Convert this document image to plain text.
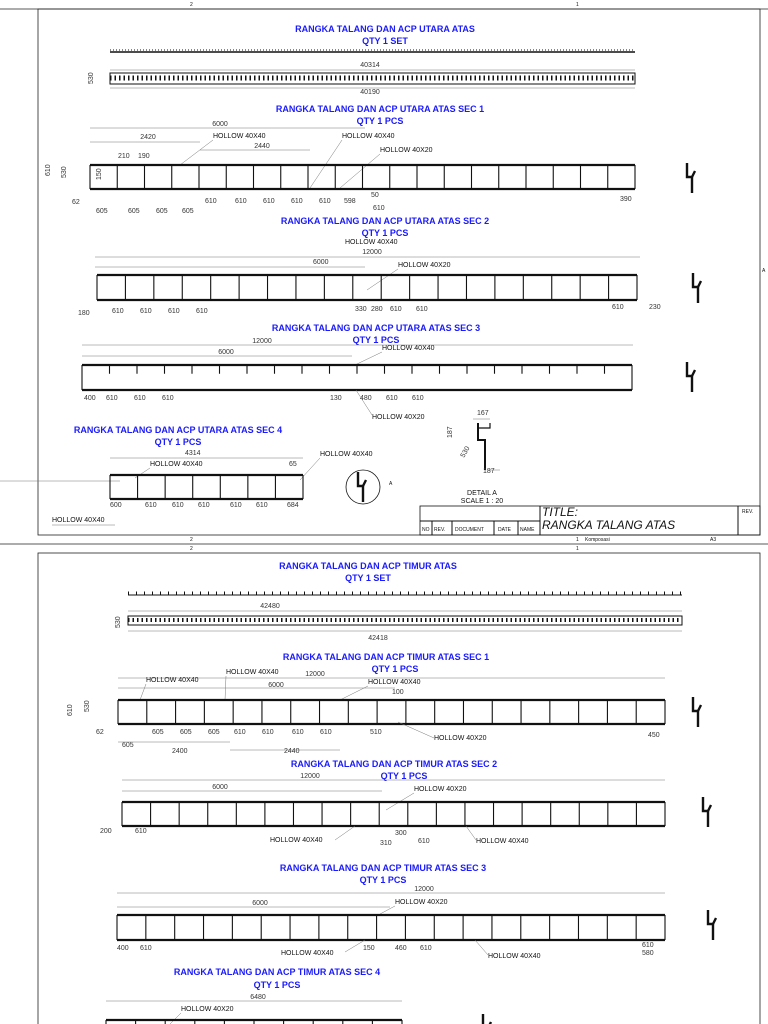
2	1
A
RANGKA TALANG DAN ACP UTARA ATAS
QTY 1 SET
40314
40190
530
RANGKA TALANG DAN ACP UTARA ATAS SEC 1
QTY 1 PCS
6000
2420
2440
210 190
610 530	150
HOLLOW 40X40	HOLLOW 40X40
HOLLOW 40X20
62
605	605 605 605
610	610 610 610 610 598
50
610
390
RANGKA TALANG DAN ACP UTARA ATAS SEC 2
QTY 1 PCS
HOLLOW 40X40
12000
6000	HOLLOW 40X20
180	610 610 610 610	330 280 610 610	610	230
RANGKA TALANG DAN ACP UTARA ATAS SEC 3
QTY 1 PCS
12000
HOLLOW 40X40
6000
400 610 610 610	130	480 610 610
HOLLOW 40X20
RANGKA TALANG DAN ACP UTARA ATAS SEC 4
QTY 1 PCS
4314
HOLLOW 40X40	65
HOLLOW 40X40
600	610 610 610	610 610	684
HOLLOW 40X40
A
167
187
530
187
DETAIL A
SCALE 1 : 20
NO REV. DOCUMENT	DATE NAME
TITLE:
RANGKA TALANG ATAS
REV.
2	1 Komposasi	A3
2	1
RANGKA TALANG DAN ACP TIMUR ATAS
QTY 1 SET
42480
42418
530
RANGKA TALANG DAN ACP TIMUR ATAS SEC 1
QTY 1 PCS
HOLLOW 40X40	12000
HOLLOW 40X40	HOLLOW 40X40
6000
100
610 530
62	605 605 605 610 610	610 610	510
HOLLOW 40X20
605
2400	2440
450
RANGKA TALANG DAN ACP TIMUR ATAS SEC 2
QTY 1 PCS
12000
HOLLOW 40X20
6000
200	610
HOLLOW 40X40
300
310	610	HOLLOW 40X40
RANGKA TALANG DAN ACP TIMUR ATAS SEC 3
QTY 1 PCS
12000
HOLLOW 40X20
6000
400 610
HOLLOW 40X40
150	460 610
HOLLOW 40X40
610
580
RANGKA TALANG DAN ACP TIMUR ATAS SEC 4
QTY 1 PCS
6480
HOLLOW 40X20
